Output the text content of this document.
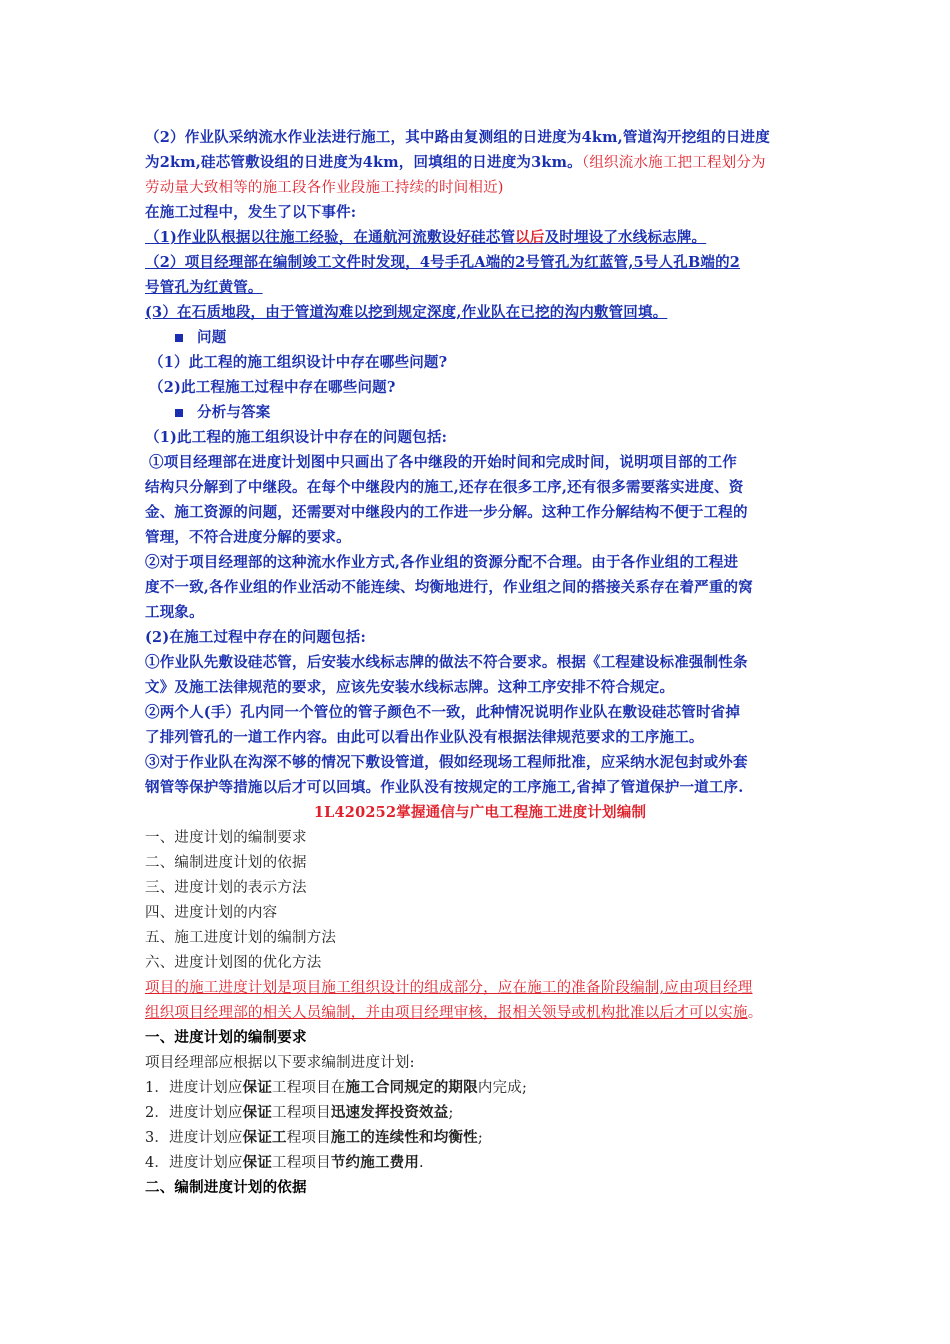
（2）作业队采纳流水作业法进行施工，其中路由复测组的日进度为4km,管道沟开挖组的日进度
为2km,硅芯管敷设组的日进度为4km，回填组的日进度为3km。（组织流水施工把工程划分为
劳动量大致相等的施工段各作业段施工持续的时间相近)
在施工过程中，发生了以下事件:
（1)作业队根据以往施工经验，在通航河流敷设好硅芯管以后及时埋设了水线标志牌。
（2）项目经理部在编制竣工文件时发现，4号手孔A端的2号管孔为红蓝管,5号人孔B端的2
号管孔为红黄管。
(3）在石质地段，由于管道沟难以挖到规定深度,作业队在已挖的沟内敷管回填。
问题
（1）此工程的施工组织设计中存在哪些问题?
（2)此工程施工过程中存在哪些问题?
分析与答案
（1)此工程的施工组织设计中存在的问题包括:
①项目经理部在进度计划图中只画出了各中继段的开始时间和完成时间，说明项目部的工作
结构只分解到了中继段。在每个中继段内的施工,还存在很多工序,还有很多需要落实进度、资
金、施工资源的问题，还需要对中继段内的工作进一步分解。这种工作分解结构不便于工程的
管理，不符合进度分解的要求。
②对于项目经理部的这种流水作业方式,各作业组的资源分配不合理。由于各作业组的工程进
度不一致,各作业组的作业活动不能连续、均衡地进行，作业组之间的搭接关系存在着严重的窝
工现象。
(2)在施工过程中存在的问题包括:
①作业队先敷设硅芯管，后安装水线标志牌的做法不符合要求。根据《工程建设标准强制性条
文》及施工法律规范的要求，应该先安装水线标志牌。这种工序安排不符合规定。
②两个人(手）孔内同一个管位的管子颜色不一致，此种情况说明作业队在敷设硅芯管时省掉
了排列管孔的一道工作内容。由此可以看出作业队没有根据法律规范要求的工序施工。
③对于作业队在沟深不够的情况下敷设管道，假如经现场工程师批准，应采纳水泥包封或外套
钢管等保护等措施以后才可以回填。作业队没有按规定的工序施工,省掉了管道保护一道工序.
1L420252掌握通信与广电工程施工进度计划编制
一、进度计划的编制要求
二、编制进度计划的依据
三、进度计划的表示方法
四、进度计划的内容
五、施工进度计划的编制方法
六、进度计划图的优化方法
项目的施工进度计划是项目施工组织设计的组成部分，应在施工的准备阶段编制,应由项目经理
组织项目经理部的相关人员编制，并由项目经理审核，报相关领导或机构批准以后才可以实施。
一、进度计划的编制要求
项目经理部应根据以下要求编制进度计划:
1．进度计划应保证工程项目在施工合同规定的期限内完成;
2．进度计划应保证工程项目迅速发挥投资效益;
3．进度计划应保证工程项目施工的连续性和均衡性;
4．进度计划应保证工程项目节约施工费用.
二、编制进度计划的依据
